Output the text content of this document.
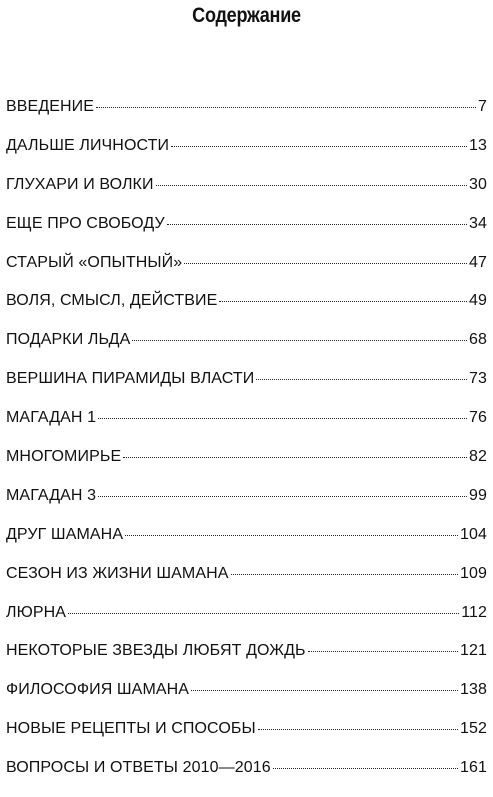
Содержание
ВВЕДЕНИЕ	7
ДАЛЬШЕ ЛИЧНОСТИ	13
ГЛУХАРИ И ВОЛКИ	30
ЕЩЕ ПРО СВОБОДУ	34
СТАРЫЙ «ОПЫТНЫЙ»	47
ВОЛЯ, СМЫСЛ, ДЕЙСТВИЕ	49
ПОДАРКИ ЛЬДА	68
ВЕРШИНА ПИРАМИДЫ ВЛАСТИ	73
МАГАДАН 1	76
МНОГОМИРЬЕ	82
МАГАДАН 3	99
ДРУГ ШАМАНА	104
СЕЗОН ИЗ ЖИЗНИ ШАМАНА	109
ЛЮРНА	112
НЕКОТОРЫЕ ЗВЕЗДЫ ЛЮБЯТ ДОЖДЬ	121
ФИЛОСОФИЯ ШАМАНА	138
НОВЫЕ РЕЦЕПТЫ И СПОСОБЫ	152
ВОПРОСЫ И ОТВЕТЫ 2010—2016	161
